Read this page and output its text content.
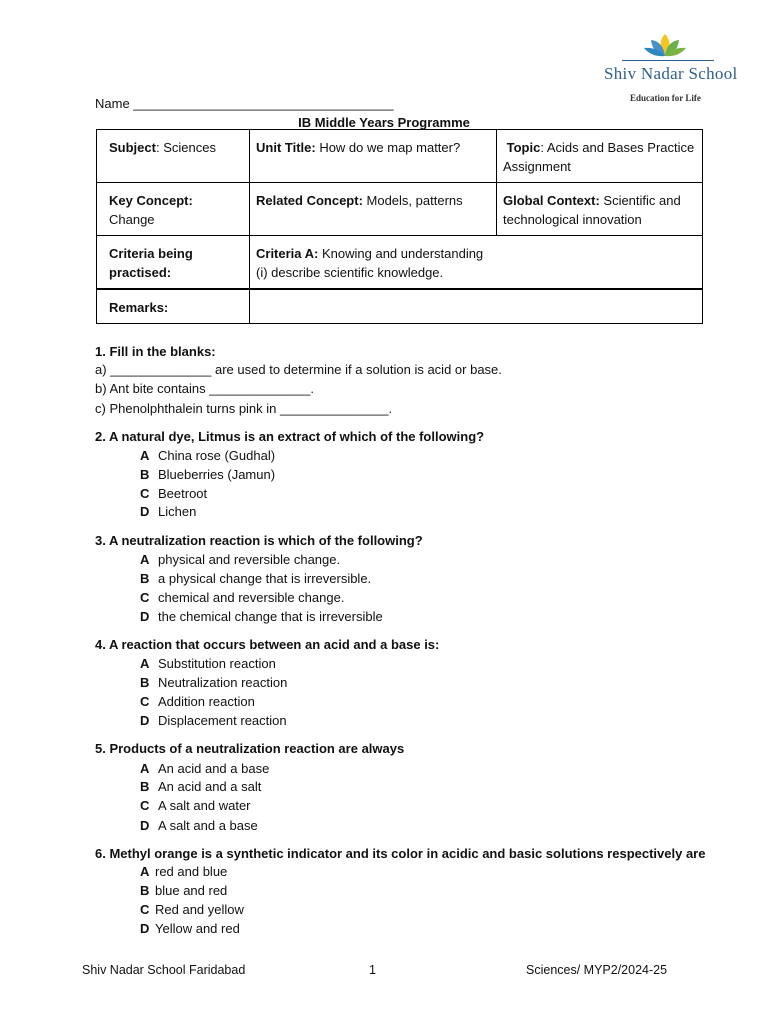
Shiv Nadar School
Education for Life
Name ____________________________________
IB Middle Years Programme
Subject: Sciences	Unit Title: How do we map matter?	Topic: Acids and Bases Practice Assignment
Key Concept:
Change	Related Concept: Models, patterns	Global Context: Scientific and technological innovation
Criteria being practised:	Criteria A: Knowing and understanding
(i) describe scientific knowledge.	
Remarks:		
1. Fill in the blanks:
a) ______________ are used to determine if a solution is acid or base.
b) Ant bite contains ______________.
c) Phenolphthalein turns pink in _______________.
2. A natural dye, Litmus is an extract of which of the following?
A China rose (Gudhal)
B Blueberries (Jamun)
C Beetroot
D Lichen
3. A neutralization reaction is which of the following?
A physical and reversible change.
B a physical change that is irreversible.
C chemical and reversible change.
D the chemical change that is irreversible
4. A reaction that occurs between an acid and a base is:
A Substitution reaction
B Neutralization reaction
C Addition reaction
D Displacement reaction
5. Products of a neutralization reaction are always
A An acid and a base
B An acid and a salt
C A salt and water
D A salt and a base
6. Methyl orange is a synthetic indicator and its color in acidic and basic solutions respectively are
A red and blue
B blue and red
C Red and yellow
D Yellow and red
Shiv Nadar School Faridabad	1	Sciences/ MYP2/2024-25
